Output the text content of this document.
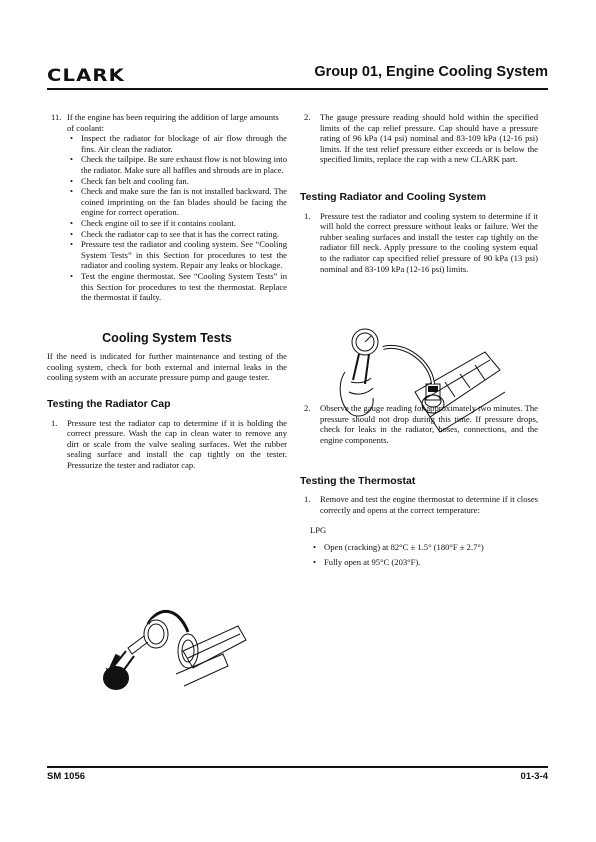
CLARK	Group 01, Engine Cooling System
11. If the engine has been requiring the addition of large amounts of coolant:
• Inspect the radiator for blockage of air flow through the fins. Air clean the radiator.
• Check the tailpipe. Be sure exhaust flow is not blowing into the radiator. Make sure all baffles and shrouds are in place.
• Check fan belt and cooling fan.
• Check and make sure the fan is not installed backward. The coined imprinting on the fan blades should be facing the engine for correct operation.
• Check engine oil to see if it contains coolant.
• Check the radiator cap to see that it has the correct rating.
• Pressure test the radiator and cooling system. See “Cooling System Tests” in this Section for procedures to test the radiator and cooling system. Repair any leaks or blockage.
• Test the engine thermostat. See “Cooling System Tests” in this Section for procedures to test the thermostat. Replace the thermostat if faulty.
Cooling System Tests

If the need is indicated for further maintenance and testing of the cooling system, check for both external and internal leaks in the cooling system with an accurate pressure pump and gauge tester.

Testing the Radiator Cap
1. Pressure test the radiator cap to determine if it is holding the correct pressure. Wash the cap in clean water to remove any dirt or scale from the valve sealing surfaces. Wet the rubber sealing surface and install the cap tightly on the tester. Pressurize the tester and radiator cap.

2. The gauge pressure reading should hold within the specified limits of the cap relief pressure. Cap should have a pressure rating of 96 kPa (14 psi) nominal and 83-109 kPa (12-16 psi) limits. If the test relief pressure either exceeds or is below the specified limits, replace the cap with a new CLARK part.

Testing Radiator and Cooling System
1. Pressure test the radiator and cooling system to determine if it will hold the correct pressure without leaks or failure. Wet the rubber sealing surfaces and install the tester cap tightly on the radiator fill neck. Apply pressure to the cooling system equal to the radiator cap specified relief pressure of 90 kPa (13 psi) nominal and 83-109 kPa (12-16 psi) limits.

2. Observe the gauge reading for approximately two minutes. The pressure should not drop during this time. If pressure drops, check for leaks in the radiator, hoses, connections, and the engine components.

Testing the Thermostat
1. Remove and test the engine thermostat to determine if it closes correctly and opens at the correct temperature:

LPG
• Open (cracking) at 82°C ± 1.5° (180°F ± 2.7°)
• Fully open at 95°C (203°F).
SM 1056	01-3-4
